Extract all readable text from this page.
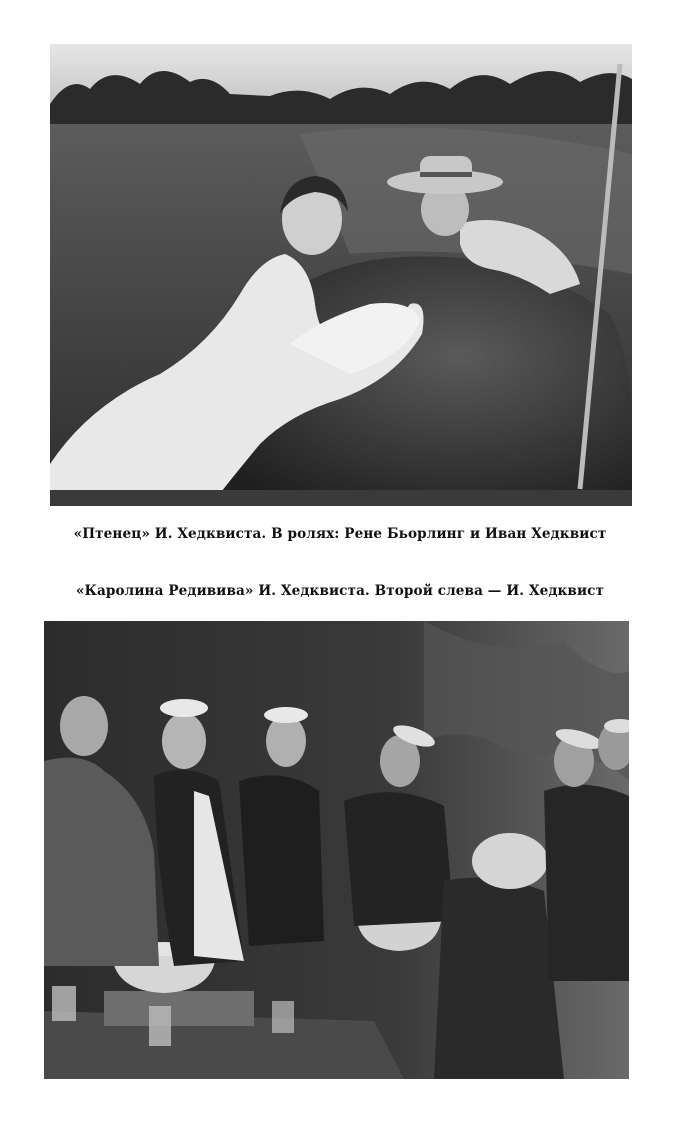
«Птенец» И. Хедквиста. В ролях: Рене Бьорлинг и Иван Хедквист
«Каролина Редивива» И. Хедквиста. Второй слева — И. Хедквист
